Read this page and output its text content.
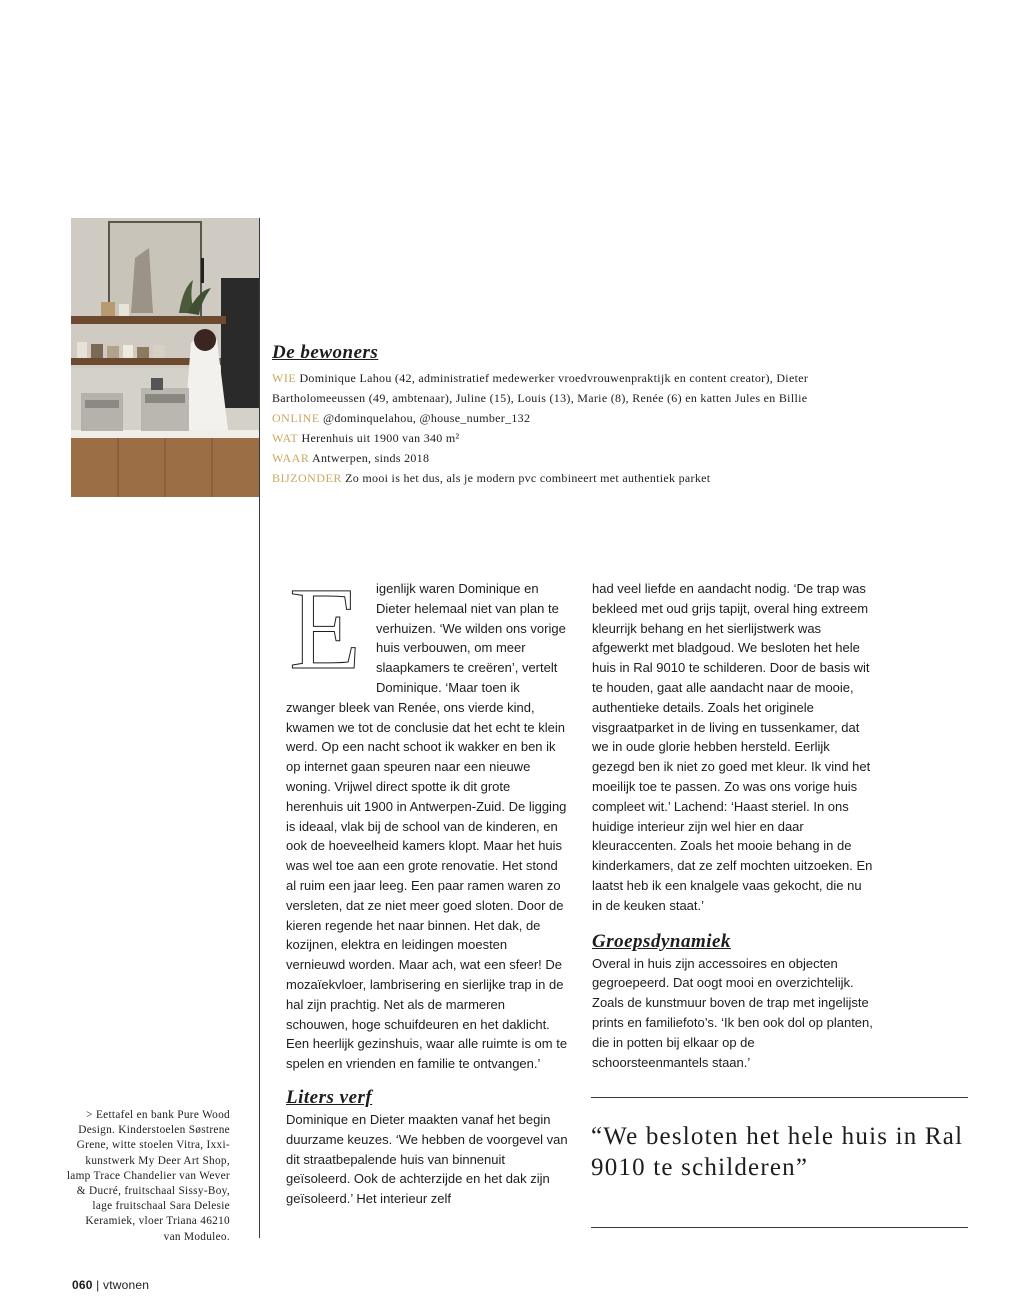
De bewoners

WIE Dominique Lahou (42, administratief medewerker vroedvrouwenpraktijk en content creator), Dieter Bartholomeeussen (49, ambtenaar), Juline (15), Louis (13), Marie (8), Renée (6) en katten Jules en Billie

ONLINE @dominquelahou, @house_number_132

WAT Herenhuis uit 1900 van 340 m²

WAAR Antwerpen, sinds 2018

BIJZONDER Zo mooi is het dus, als je modern pvc combineert met authentiek parket

E	igenlijk waren Dominique en Dieter helemaal niet van plan te verhuizen. ‘We wilden ons vorige huis verbouwen, om meer slaapkamers te creëren’, vertelt Dominique. ‘Maar toen ik zwanger bleek van Renée, ons vierde kind, kwamen we tot de conclusie dat het echt te klein werd. Op een nacht schoot ik wakker en ben ik op internet gaan speuren naar een nieuwe woning. Vrijwel direct spotte ik dit grote herenhuis uit 1900 in Antwerpen-Zuid. De ligging is ideaal, vlak bij de school van de kinderen, en ook de hoeveelheid kamers klopt. Maar het huis was wel toe aan een grote renovatie. Het stond al ruim een jaar leeg. Een paar ramen waren zo versleten, dat ze niet meer goed sloten. Door de kieren regende het naar binnen. Het dak, de kozijnen, elektra en leidingen moesten vernieuwd worden. Maar ach, wat een sfeer! De mozaïekvloer, lambrisering en sierlijke trap in de hal zijn prachtig. Net als de marmeren schouwen, hoge schuifdeuren en het daklicht. Een heerlijk gezinshuis, waar alle ruimte is om te spelen en vrienden en familie te ontvangen.’

Liters verf

Dominique en Dieter maakten vanaf het begin duurzame keuzes. ‘We hebben de voorgevel van dit straatbepalende huis van binnenuit geïsoleerd. Ook de achterzijde en het dak zijn geïsoleerd.’ Het interieur zelf

had veel liefde en aandacht nodig. ‘De trap was bekleed met oud grijs tapijt, overal hing extreem kleurrijk behang en het sierlijstwerk was afgewerkt met bladgoud. We besloten het hele huis in Ral 9010 te schilderen. Door de basis wit te houden, gaat alle aandacht naar de mooie, authentieke details. Zoals het originele visgraatparket in de living en tussenkamer, dat we in oude glorie hebben hersteld. Eerlijk gezegd ben ik niet zo goed met kleur. Ik vind het moeilijk toe te passen. Zo was ons vorige huis compleet wit.’ Lachend: ‘Haast steriel. In ons huidige interieur zijn wel hier en daar kleuraccenten. Zoals het mooie behang in de kinderkamers, dat ze zelf mochten uitzoeken. En laatst heb ik een knalgele vaas gekocht, die nu in de keuken staat.’

Groepsdynamiek

Overal in huis zijn accessoires en objecten gegroepeerd. Dat oogt mooi en overzichtelijk. Zoals de kunstmuur boven de trap met ingelijste prints en familiefoto’s. ‘Ik ben ook dol op planten, die in potten bij elkaar op de schoorsteenmantels staan.’

“We besloten het hele huis in Ral 9010 te schilderen”

> Eettafel en bank Pure Wood Design. Kinderstoelen Søstrene Grene, witte stoelen Vitra, Ixxi-kunstwerk My Deer Art Shop, lamp Trace Chandelier van Wever & Ducré, fruitschaal Sissy-Boy, lage fruitschaal Sara Delesie Keramiek, vloer Triana 46210 van Moduleo.

060 | vtwonen
